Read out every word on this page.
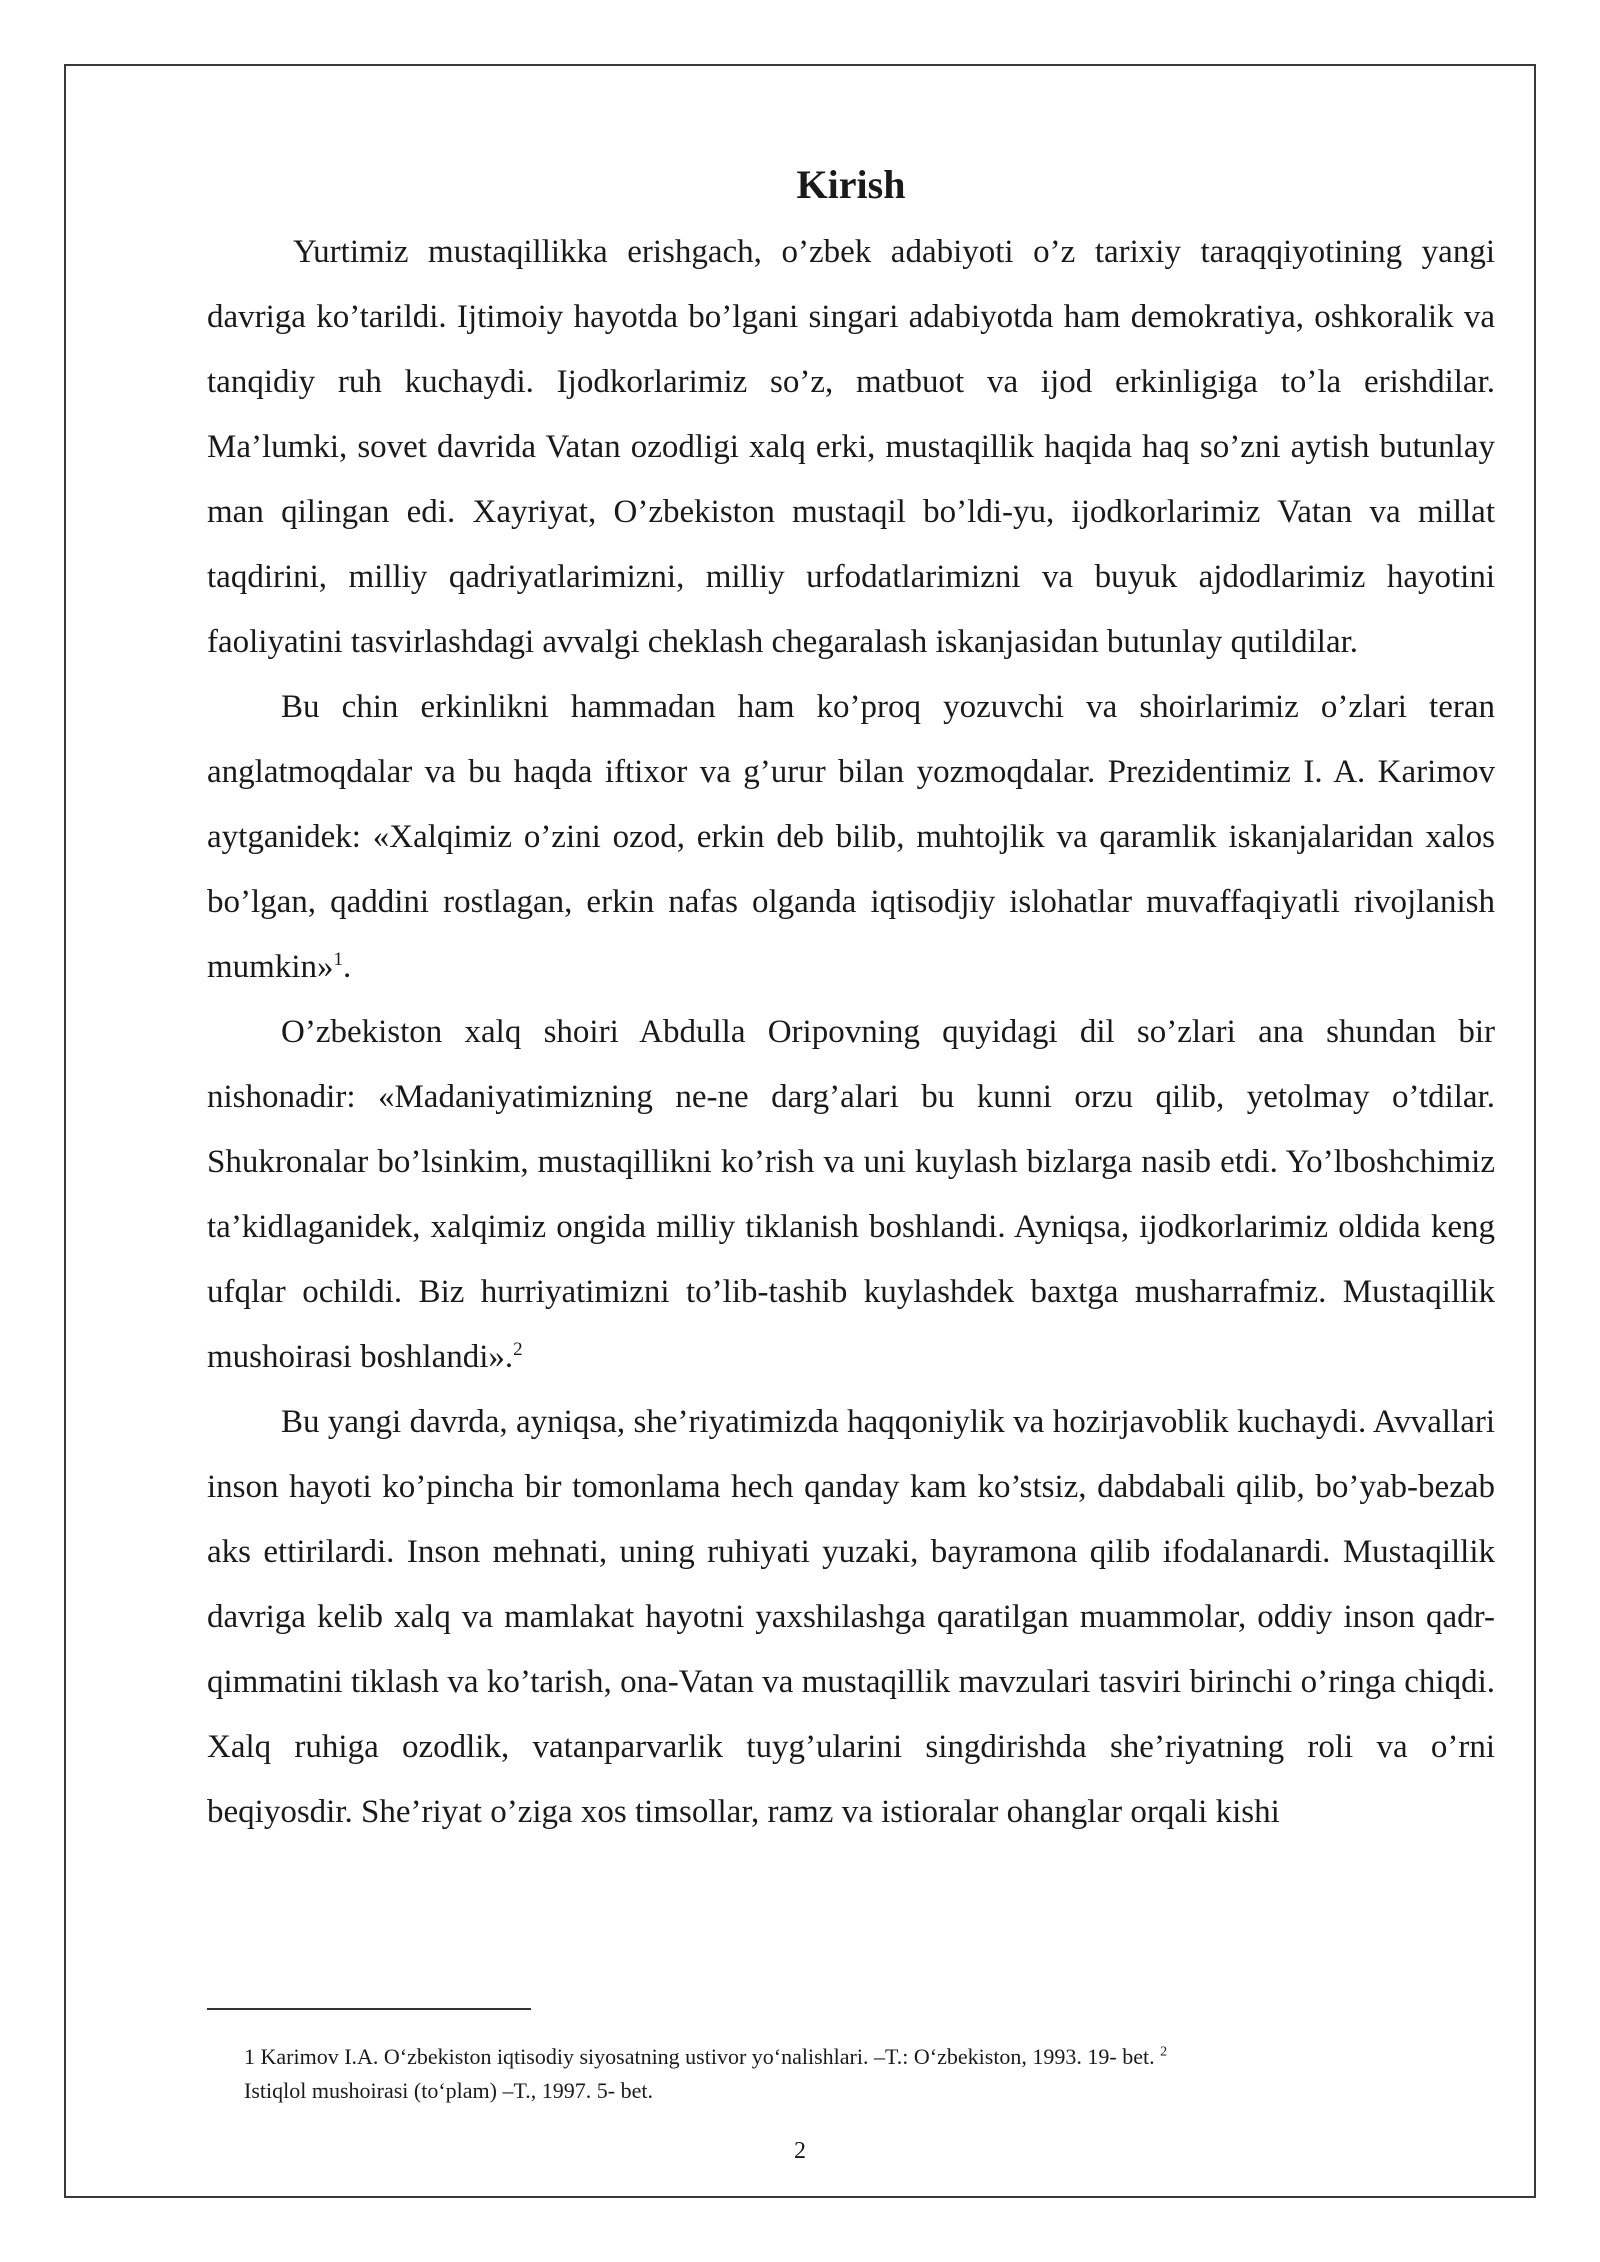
Kirish

Yurtimiz mustaqillikka erishgach, o’zbek adabiyoti o’z tarixiy taraqqiyotining yangi davriga ko’tarildi. Ijtimoiy hayotda bo’lgani singari adabiyotda ham demokratiya, oshkoralik va tanqidiy ruh kuchaydi. Ijodkorlarimiz so’z, matbuot va ijod erkinligiga to’la erishdilar. Ma’lumki, sovet davrida Vatan ozodligi xalq erki, mustaqillik haqida haq so’zni aytish butunlay man qilingan edi. Xayriyat, O’zbekiston mustaqil bo’ldi-yu, ijodkorlarimiz Vatan va millat taqdirini, milliy qadriyatlarimizni, milliy urfodatlarimizni va buyuk ajdodlarimiz hayotini faoliyatini tasvirlashdagi avvalgi cheklash chegaralash iskanjasidan butunlay qutildilar.

Bu chin erkinlikni hammadan ham ko’proq yozuvchi va shoirlarimiz o’zlari teran anglatmoqdalar va bu haqda iftixor va g’urur bilan yozmoqdalar. Prezidentimiz I. A. Karimov aytganidek: «Xalqimiz o’zini ozod, erkin deb bilib, muhtojlik va qaramlik iskanjalaridan xalos bo’lgan, qaddini rostlagan, erkin nafas olganda iqtisodjiy islohatlar muvaffaqiyatli rivojlanish mumkin»$^1$.

O’zbekiston xalq shoiri Abdulla Oripovning quyidagi dil so’zlari ana shundan bir nishonadir: «Madaniyatimizning ne-ne darg’alari bu kunni orzu qilib, yetolmay o’tdilar. Shukronalar bo’lsinkim, mustaqillikni ko’rish va uni kuylash bizlarga nasib etdi. Yo’lboshchimiz ta’kidlaganidek, xalqimiz ongida milliy tiklanish boshlandi. Ayniqsa, ijodkorlarimiz oldida keng ufqlar ochildi. Biz hurriyatimizni to’lib-tashib kuylashdek baxtga musharrafmiz. Mustaqillik mushoirasi boshlandi».$^2$

Bu yangi davrda, ayniqsa, she’riyatimizda haqqoniylik va hozirjavoblik kuchaydi. Avvallari inson hayoti ko’pincha bir tomonlama hech qanday kam ko’stsiz, dabdabali qilib, bo’yab-bezab aks ettirilardi. Inson mehnati, uning ruhiyati yuzaki, bayramona qilib ifodalanardi. Mustaqillik davriga kelib xalq va mamlakat hayotni yaxshilashga qaratilgan muammolar, oddiy inson qadr-qimmatini tiklash va ko’tarish, ona-Vatan va mustaqillik mavzulari tasviri birinchi o’ringa chiqdi. Xalq ruhiga ozodlik, vatanparvarlik tuyg’ularini singdirishda she’riyatning roli va o’rni beqiyosdir. She’riyat o’ziga xos timsollar, ramz va istioralar ohanglar orqali kishi

1 Karimov I.A. O‘zbekiston iqtisodiy siyosatning ustivor yo‘nalishlari. –T.: O‘zbekiston, 1993. 19- bet. $^2$

Istiqlol mushoirasi (to‘plam) –T., 1997. 5- bet.

2
